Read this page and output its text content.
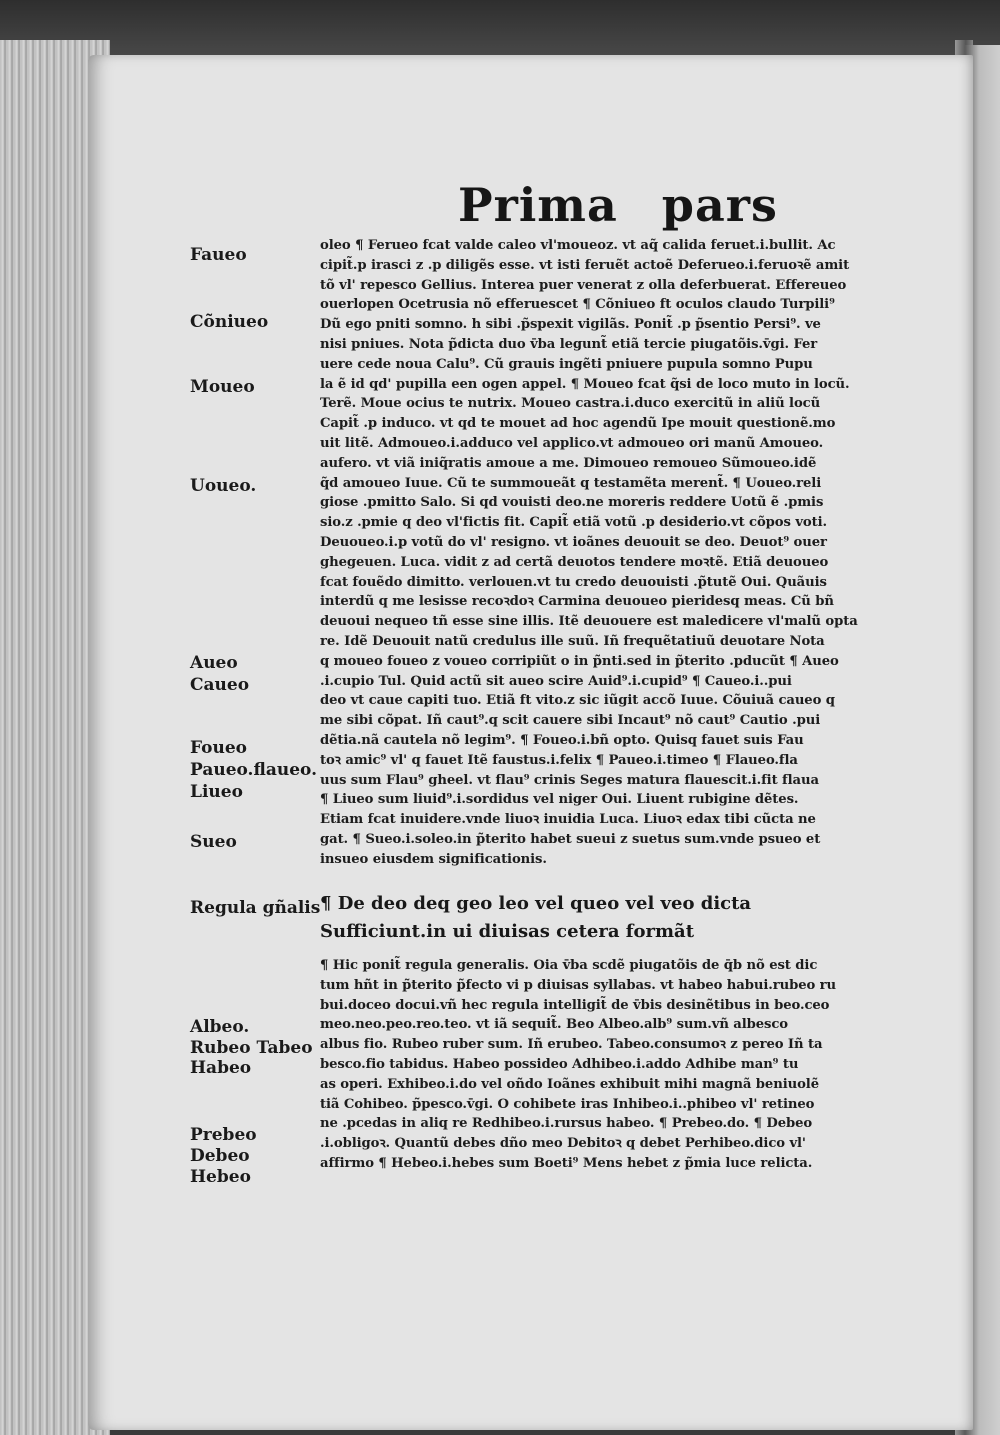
Prima pars
Faueo
Cõniueo
Moueo
Uoueo.
Aueo
Caueo
Foueo
Paueo.flaueo.
Liueo
Sueo
Regula gñalis
Albeo.
Rubeo Tabeo
Habeo
Prebeo
Debeo
Hebeo
oleo ¶ Ferueo fcat valde caleo vl'moueoz. vt aq̃ calida feruet.i.bullit. Ac
cipit̃.p irasci z .p diligẽs esse. vt isti feruẽt actoẽ Deferueo.i.feruoꝛẽ amit
tõ vl' repesco Gellius. Interea puer venerat z olla deferbuerat. Effereueo
ouerlopen Ocetrusia nõ efferuescet ¶ Cõniueo ft oculos claudo Turpili⁹
Dũ ego pniti somno. h sibi .p̃spexit vigilãs. Ponit̃ .p p̃sentio Persi⁹. ve
nisi pniues. Nota p̃dicta duo v̄ba legunt̃ etiã tercie piugatõis.v̄gi. Fer
uere cede noua Calu⁹. Cũ grauis ingẽti pniuere pupula somno Pupu
la ẽ id qd' pupilla een ogen appel. ¶ Moueo fcat q̃si de loco muto in locũ.
Terẽ. Moue ocius te nutrix. Moueo castra.i.duco exercitũ in aliũ locũ
Capit̃ .p induco. vt qd te mouet ad hoc agendũ Ipe mouit questionẽ.mo
uit litẽ. Admoueo.i.adduco vel applico.vt admoueo ori manũ Amoueo.
aufero. vt viã iniq̃ratis amoue a me. Dimoueo remoueo Sũmoueo.idẽ
q̃d amoueo Iuue. Cũ te summoueãt q testamẽta merent̃. ¶ Uoueo.reli
giose .pmitto Salo. Si qd vouisti deo.ne moreris reddere Uotũ ẽ .pmis
sio.z .pmie q deo vl'fictis fit. Capit̃ etiã votũ .p desiderio.vt cõpos voti.
Deuoueo.i.p votũ do vl' resigno. vt ioãnes deuouit se deo. Deuot⁹ ouer
ghegeuen. Luca. vidit z ad certã deuotos tendere moꝛtẽ. Etiã deuoueo
fcat fouẽdo dimitto. verlouen.vt tu credo deuouisti .p̃tutẽ Oui. Quãuis
interdũ q me lesisse recoꝛdoꝛ Carmina deuoueo pieridesq meas. Cũ bñ
deuoui nequeo tñ esse sine illis. Itẽ deuouere est maledicere vl'malũ opta
re. Idẽ Deuouit natũ credulus ille suũ. Iñ frequẽtatiuũ deuotare Nota
q moueo foueo z voueo corripiũt o in p̃nti.sed in p̃terito .pducũt ¶ Aueo
.i.cupio Tul. Quid actũ sit aueo scire Auid⁹.i.cupid⁹ ¶ Caueo.i..pui
deo vt caue capiti tuo. Etiã ft vito.z sic iũgit accõ Iuue. Cõuiuã caueo q
me sibi cõpat. Iñ caut⁹.q scit cauere sibi Incaut⁹ nõ caut⁹ Cautio .pui
dẽtia.nã cautela nõ legim⁹. ¶ Foueo.i.bñ opto. Quisq fauet suis Fau
toꝛ amic⁹ vl' q fauet Itẽ faustus.i.felix ¶ Paueo.i.timeo ¶ Flaueo.fla
uus sum Flau⁹ gheel. vt flau⁹ crinis Seges matura flauescit.i.fit flaua
¶ Liueo sum liuid⁹.i.sordidus vel niger Oui. Liuent rubigine dẽtes.
Etiam fcat inuidere.vnde liuoꝛ inuidia Luca. Liuoꝛ edax tibi cũcta ne
gat. ¶ Sueo.i.soleo.in p̃terito habet sueui z suetus sum.vnde psueo et
insueo eiusdem significationis.
¶ De deo deq geo leo vel queo vel veo dicta
Sufficiunt.in ui diuisas cetera formãt
¶ Hic ponit̃ regula generalis. Oia v̄ba scdẽ piugatõis de q̄b nõ est dic
tum hñt in p̃terito p̃fecto vi p diuisas syllabas. vt habeo habui.rubeo ru
bui.doceo docui.vñ hec regula intelligit̃ de v̄bis desinẽtibus in beo.ceo
meo.neo.peo.reo.teo. vt iã sequit̃. Beo Albeo.alb⁹ sum.vñ albesco
albus fio. Rubeo ruber sum. Iñ erubeo. Tabeo.consumoꝛ z pereo Iñ ta
besco.fio tabidus. Habeo possideo Adhibeo.i.addo Adhibe man⁹ tu
as operi. Exhibeo.i.do vel oñdo Ioãnes exhibuit mihi magnã beniuolẽ
tiã Cohibeo. p̃pesco.v̄gi. O cohibete iras Inhibeo.i..phibeo vl' retineo
ne .pcedas in aliq re Redhibeo.i.rursus habeo. ¶ Prebeo.do. ¶ Debeo
.i.obligoꝛ. Quantũ debes dño meo Debitoꝛ q debet Perhibeo.dico vl'
affirmo ¶ Hebeo.i.hebes sum Boeti⁹ Mens hebet z p̃mia luce relicta.
